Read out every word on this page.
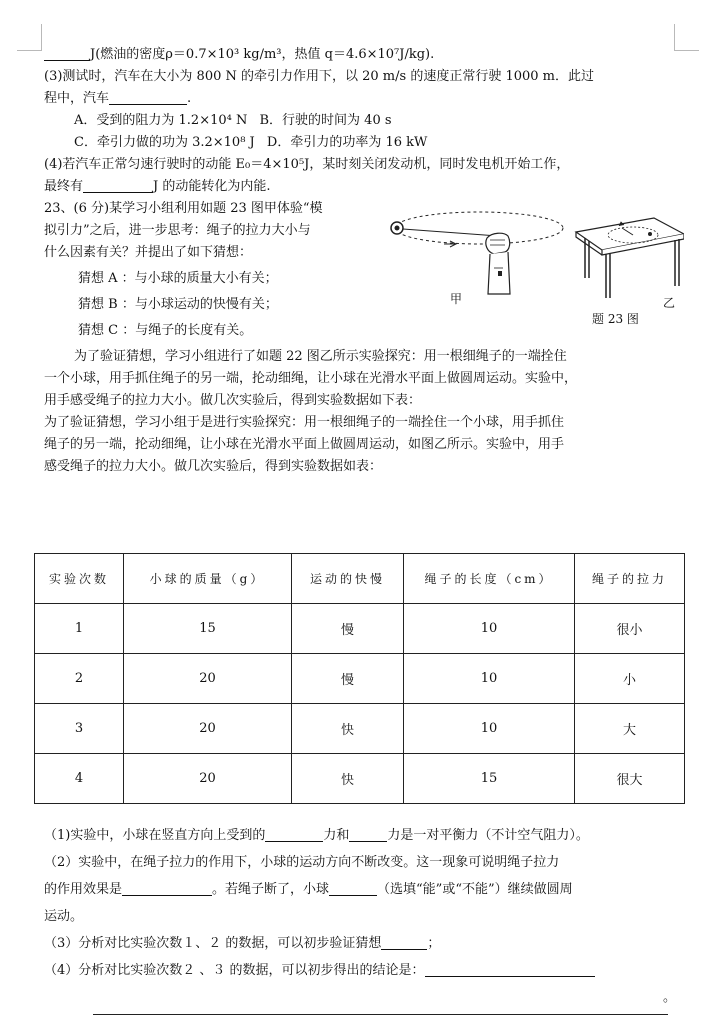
J(燃油的密度ρ＝0.7×10³ kg/m³，热值 q＝4.6×10⁷J/kg).
(3)测试时，汽车在大小为 800 N 的牵引力作用下，以 20 m/s 的速度正常行驶 1000 m．此过
程中，汽车	.
A．受到的阻力为 1.2×10⁴ N B．行驶的时间为 40 s
C．牵引力做的功为 3.2×10⁸ J D．牵引力的功率为 16 kW
(4)若汽车正常匀速行驶时的动能 E₀＝4×10⁵J，某时刻关闭发动机，同时发电机开始工作，
最终有	J 的动能转化为内能.
23、(6 分)某学习小组利用如题 23 图甲体验“模
拟引力”之后，进一步思考：绳子的拉力大小与
什么因素有关？并提出了如下猜想：
猜想 A ：与小球的质量大小有关；
猜想 B ：与小球运动的快慢有关；
猜想 C ：与绳子的长度有关。
甲	乙
题 23 图
为了验证猜想，学习小组进行了如题 22 图乙所示实验探究：用一根细绳子的一端拴住
一个小球，用手抓住绳子的另一端，抡动细绳，让小球在光滑水平面上做圆周运动。实验中，
用手感受绳子的拉力大小。做几次实验后，得到实验数据如下表：
为了验证猜想，学习小组于是进行实验探究：用一根细绳子的一端拴住一个小球，用手抓住
绳子的另一端，抡动细绳，让小球在光滑水平面上做圆周运动，如图乙所示。实验中，用手
感受绳子的拉力大小。做几次实验后，得到实验数据如表：
实验次数	小球的质量（g）	运动的快慢	绳子的长度（cm）	绳子的拉力
1	15	慢	10	很小
2	20	慢	10	小
3	20	快	10	大
4	20	快	15	很大
（1)实验中，小球在竖直方向上受到的	力和	力是一对平衡力（不计空气阻力）。
（2）实验中，在绳子拉力的作用下，小球的运动方向不断改变。这一现象可说明绳子拉力
的作用效果是	。若绳子断了，小球	（选填“能”或“不能”）继续做圆周
运动。
（3）分析对比实验次数１、２ 的数据，可以初步验证猜想	；
（4）分析对比实验次数２ 、３ 的数据，可以初步得出的结论是：
。
